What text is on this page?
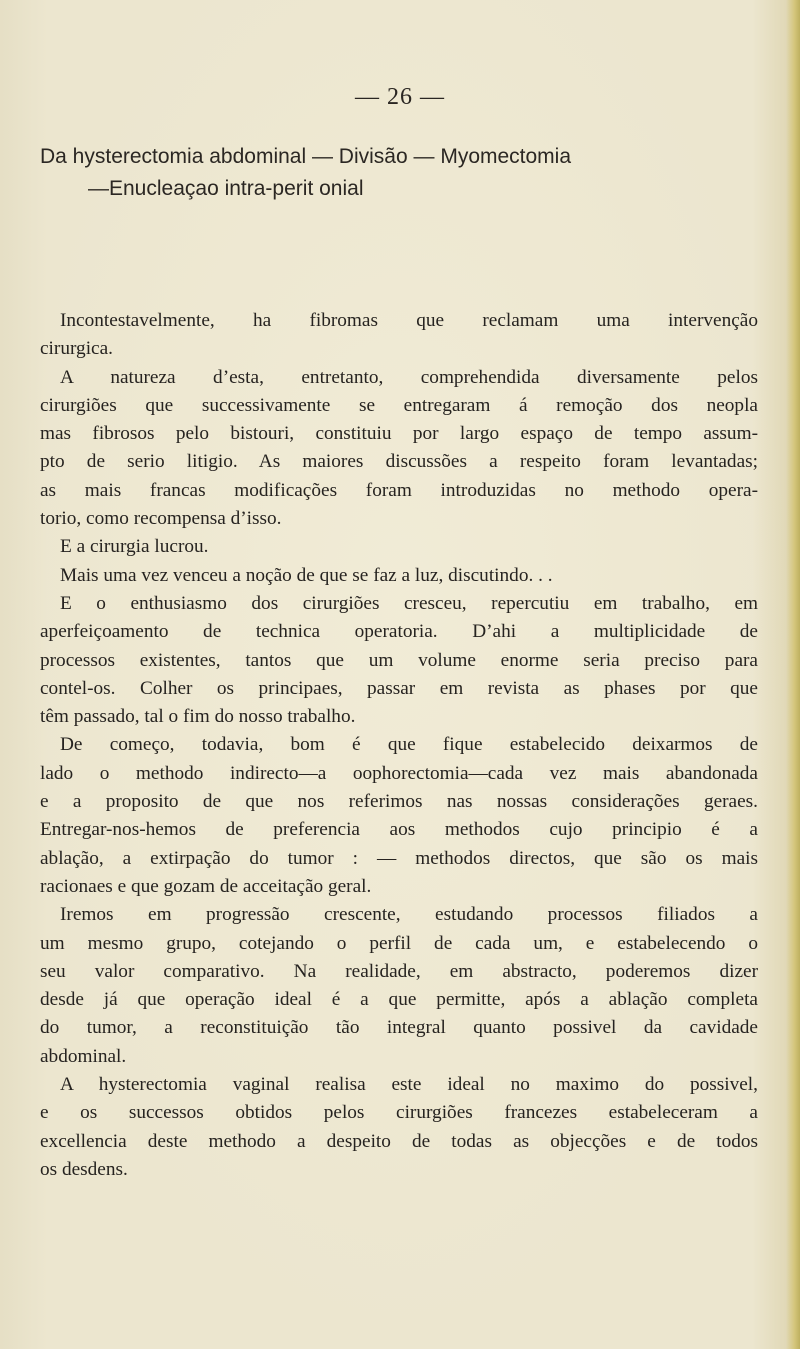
— 26 —
Da hysterectomia abdominal — Divisão — Myomectomia
—Enucleaçao intra-perit onial
Incontestavelmente, ha fibromas que reclamam uma intervenção
cirurgica.
A natureza d’esta, entretanto, comprehendida diversamente pelos
cirurgiões que successivamente se entregaram á remoção dos neopla
mas fibrosos pelo bistouri, constituiu por largo espaço de tempo assum-
pto de serio litigio. As maiores discussões a respeito foram levantadas;
as mais francas modificações foram introduzidas no methodo opera-
torio, como recompensa d’isso.
E a cirurgia lucrou.
Mais uma vez venceu a noção de que se faz a luz, discutindo. . .
E o enthusiasmo dos cirurgiões cresceu, repercutiu em trabalho, em
aperfeiçoamento de technica operatoria. D’ahi a multiplicidade de
processos existentes, tantos que um volume enorme seria preciso para
contel-os. Colher os principaes, passar em revista as phases por que
têm passado, tal o fim do nosso trabalho.
De começo, todavia, bom é que fique estabelecido deixarmos de
lado o methodo indirecto—a oophorectomia—cada vez mais abandonada
e a proposito de que nos referimos nas nossas considerações geraes.
Entregar-nos-hemos de preferencia aos methodos cujo principio é a
ablação, a extirpação do tumor : — methodos directos, que são os mais
racionaes e que gozam de acceitação geral.
Iremos em progressão crescente, estudando processos filiados a
um mesmo grupo, cotejando o perfil de cada um, e estabelecendo o
seu valor comparativo. Na realidade, em abstracto, poderemos dizer
desde já que operação ideal é a que permitte, após a ablação completa
do tumor, a reconstituição tão integral quanto possivel da cavidade
abdominal.
A hysterectomia vaginal realisa este ideal no maximo do possivel,
e os successos obtidos pelos cirurgiões francezes estabeleceram a
excellencia deste methodo a despeito de todas as objecções e de todos
os desdens.
